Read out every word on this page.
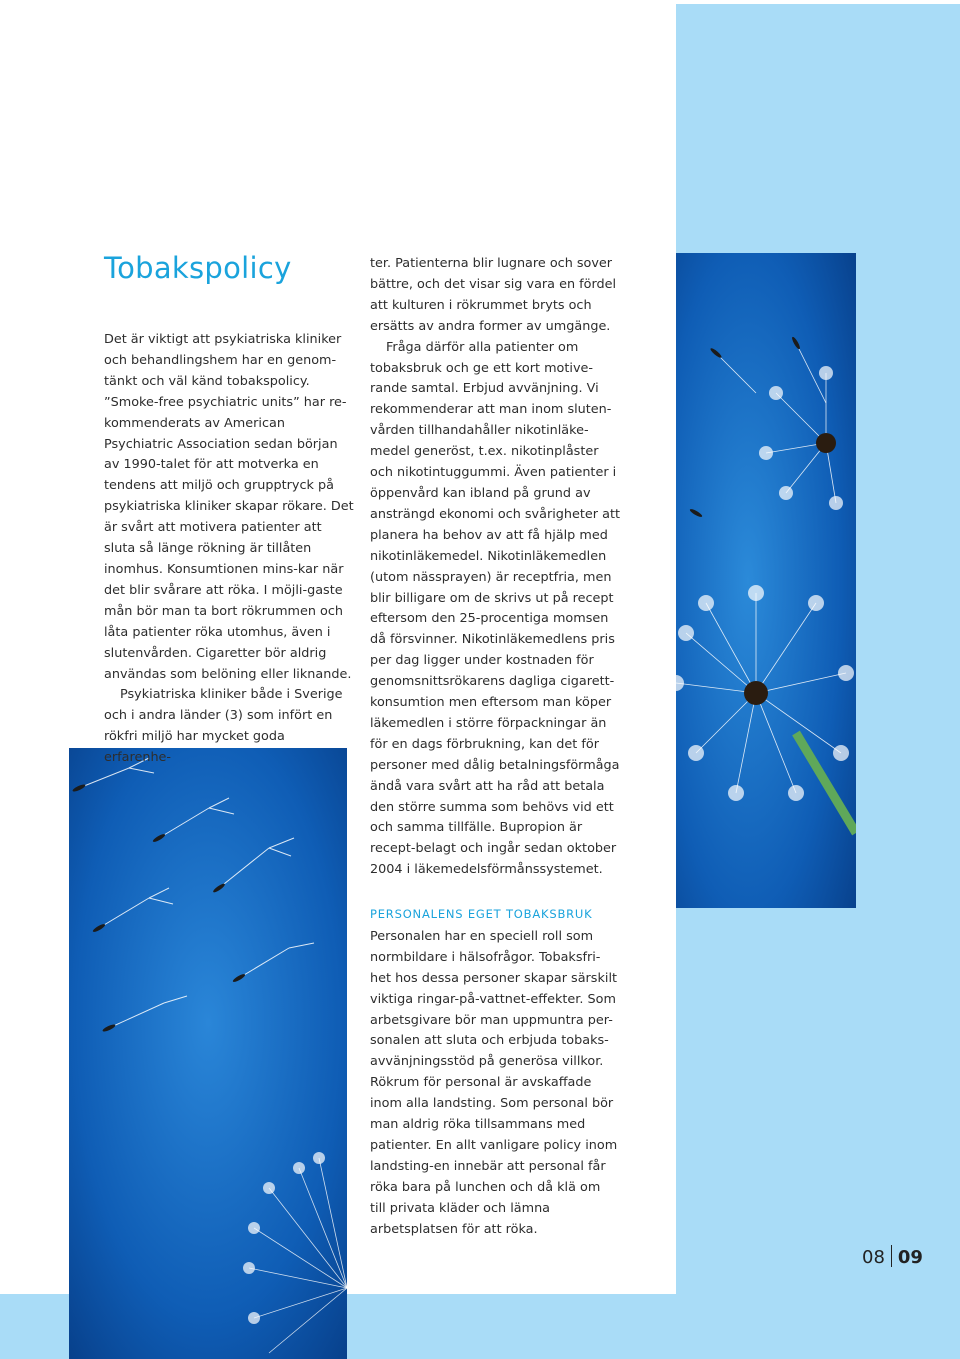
Tobakspolicy

Det är viktigt att psykiatriska kliniker och behandlingshem har en genom-tänkt och väl känd tobakspolicy. ”Smoke-free psychiatric units” har re-kommenderats av American Psychiatric Association sedan början av 1990-talet för att motverka en tendens att miljö och grupptryck på psykiatriska kliniker skapar rökare. Det är svårt att motivera patienter att sluta så länge rökning är tillåten inomhus. Konsumtionen mins-kar när det blir svårare att röka. I möjli-gaste mån bör man ta bort rökrummen och låta patienter röka utomhus, även i slutenvården. Cigaretter bör aldrig användas som belöning eller liknande.

Psykiatriska kliniker både i Sverige och i andra länder (3) som infört en rökfri miljö har mycket goda erfarenhe-

ter. Patienterna blir lugnare och sover bättre, och det visar sig vara en fördel att kulturen i rökrummet bryts och ersätts av andra former av umgänge.

Fråga därför alla patienter om tobaksbruk och ge ett kort motive-rande samtal. Erbjud avvänjning. Vi rekommenderar att man inom sluten-vården tillhandahåller nikotinläke-medel generöst, t.ex. nikotinplåster och nikotintuggummi. Även patienter i öppenvård kan ibland på grund av ansträngd ekonomi och svårigheter att planera ha behov av att få hjälp med nikotinläkemedel. Nikotinläkemedlen (utom nässprayen) är receptfria, men blir billigare om de skrivs ut på recept eftersom den 25-procentiga momsen då försvinner. Nikotinläkemedlens pris per dag ligger under kostnaden för genomsnittsrökarens dagliga cigarett-konsumtion men eftersom man köper läkemedlen i större förpackningar än för en dags förbrukning, kan det för personer med dålig betalningsförmåga ändå vara svårt att ha råd att betala den större summa som behövs vid ett och samma tillfälle. Bupropion är recept-belagt och ingår sedan oktober 2004 i läkemedelsförmånssystemet.

PERSONALENS EGET TOBAKSBRUK

Personalen har en speciell roll som normbildare i hälsofrågor. Tobaksfri-het hos dessa personer skapar särskilt viktiga ringar-på-vattnet-effekter. Som arbetsgivare bör man uppmuntra per-sonalen att sluta och erbjuda tobaks-avvänjningsstöd på generösa villkor. Rökrum för personal är avskaffade inom alla landsting. Som personal bör man aldrig röka tillsammans med patienter. En allt vanligare policy inom landsting-en innebär att personal får röka bara på lunchen och då klä om till privata kläder och lämna arbetsplatsen för att röka.

08 09
